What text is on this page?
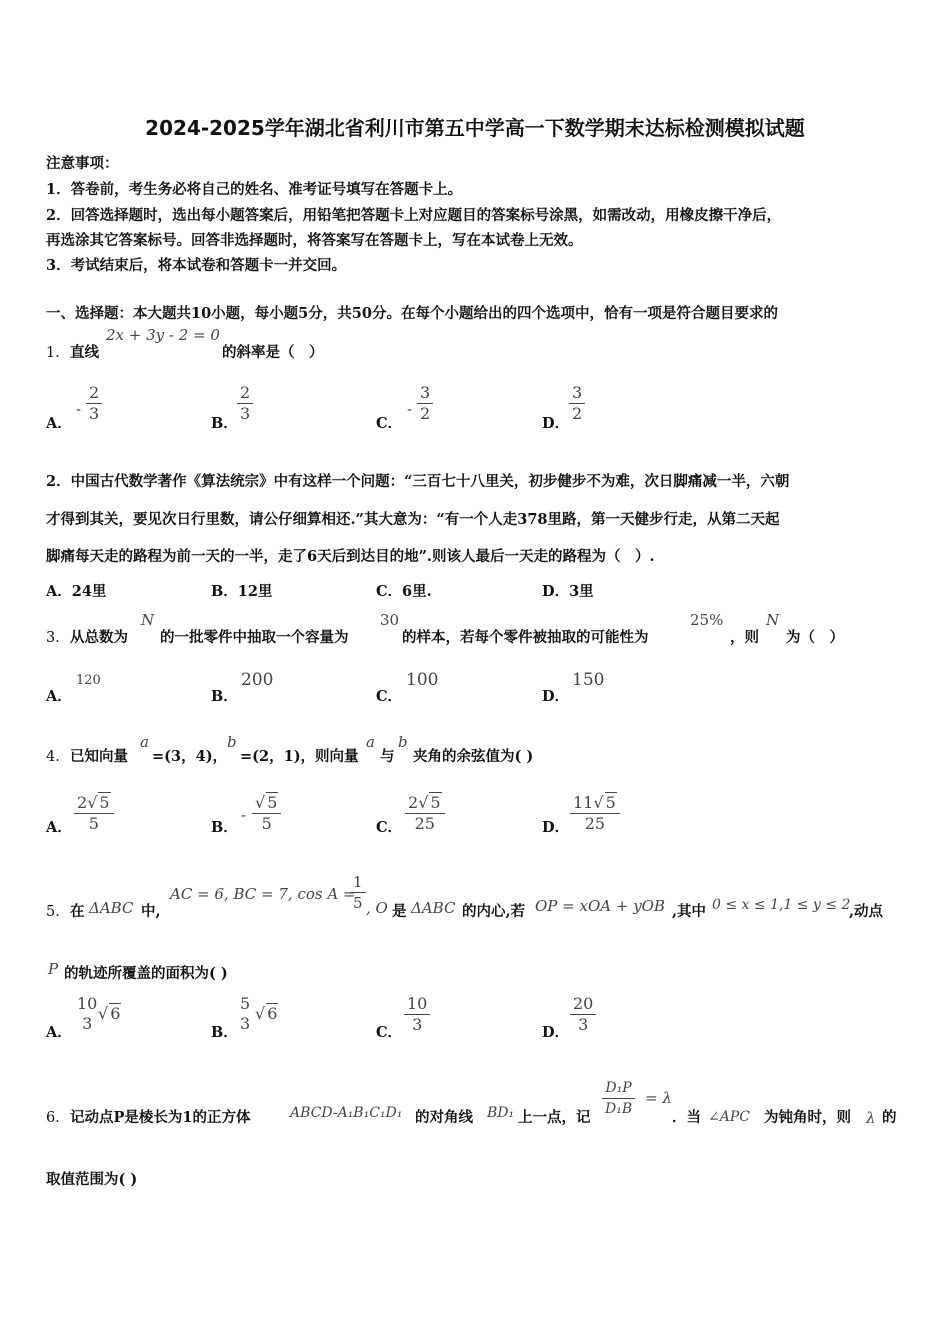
2024-2025学年湖北省利川市第五中学高一下数学期末达标检测模拟试题
注意事项：
1．答卷前，考生务必将自己的姓名、准考证号填写在答题卡上。
2．回答选择题时，选出每小题答案后，用铅笔把答题卡上对应题目的答案标号涂黑，如需改动，用橡皮擦干净后，
再选涂其它答案标号。回答非选择题时，将答案写在答题卡上，写在本试卷上无效。
3．考试结束后，将本试卷和答题卡一并交回。
一、选择题：本大题共10小题，每小题5分，共50分。在每个小题给出的四个选项中，恰有一项是符合题目要求的
1． 直线
2x + 3y - 2 = 0
的斜率是（　）
A．
- $\frac{2}{3}$	B． $\frac{2}{3}$	C．
- $\frac{3}{2}$	D． $\frac{3}{2}$
2．中国古代数学著作《算法统宗》中有这样一个问题：“三百七十八里关，初步健步不为难，次日脚痛减一半，六朝
才得到其关，要见次日行里数，请公仔细算相还.”其大意为：“有一个人走378里路，第一天健步行走，从第二天起
脚痛每天走的路程为前一天的一半，走了6天后到达目的地”.则该人最后一天走的路程为（　）.
A．24里	B．12里	C．6里.	D．3里
3． 从总数为
N
的一批零件中抽取一个容量为
30
的样本，若每个零件被抽取的可能性为
25%
，则
N
为（　）
A．
120
B．
200
C．
100
D．
150
4． 已知向量
a
=(3，4)，
b
=(2，1)，则向量
a
与
b
夹角的余弦值为( )
A． $\frac{2√ 5}{5}$	B．
- $\frac{√ 5}{5}$	C． $\frac{2√ 5}{25}$	D． $\frac{11√ 5}{25}$
5． 在 ΔABC 中,
AC = 6, BC = 7, cos A =
$\frac{1}{5}$ , O 是 ΔABC 的内心,若 OP = xOA + yOB ,其中 0 ≤ x ≤ 1,1 ≤ y ≤ 2
,动点
P 的轨迹所覆盖的面积为( )
A．
10
3
√ 6
B．
5
3
√ 6
C． $\frac{10}{3}$	D． $\frac{20}{3}$
6． 记动点P是棱长为1的正方体	ABCD-A₁B₁C₁D₁ 的对角线 BD₁ 上一点，记 $\frac{\text{D₁P}}{\text{D₁B}} = \lambda$
．当 ∠APC 为钝角时，则 λ 的
取值范围为( )
